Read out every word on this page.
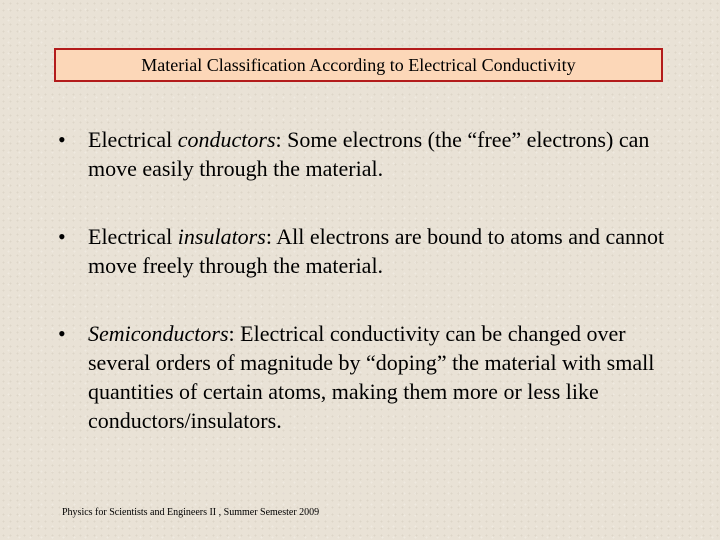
Material Classification According to Electrical Conductivity
• Electrical conductors: Some electrons (the “free” electrons) can move easily through the material.
• Electrical insulators: All electrons are bound to atoms and cannot move freely through the material.
• Semiconductors: Electrical conductivity can be changed over several orders of magnitude by “doping” the material with small quantities of certain atoms, making them more or less like conductors/insulators.
Physics for Scientists and Engineers II , Summer Semester 2009
